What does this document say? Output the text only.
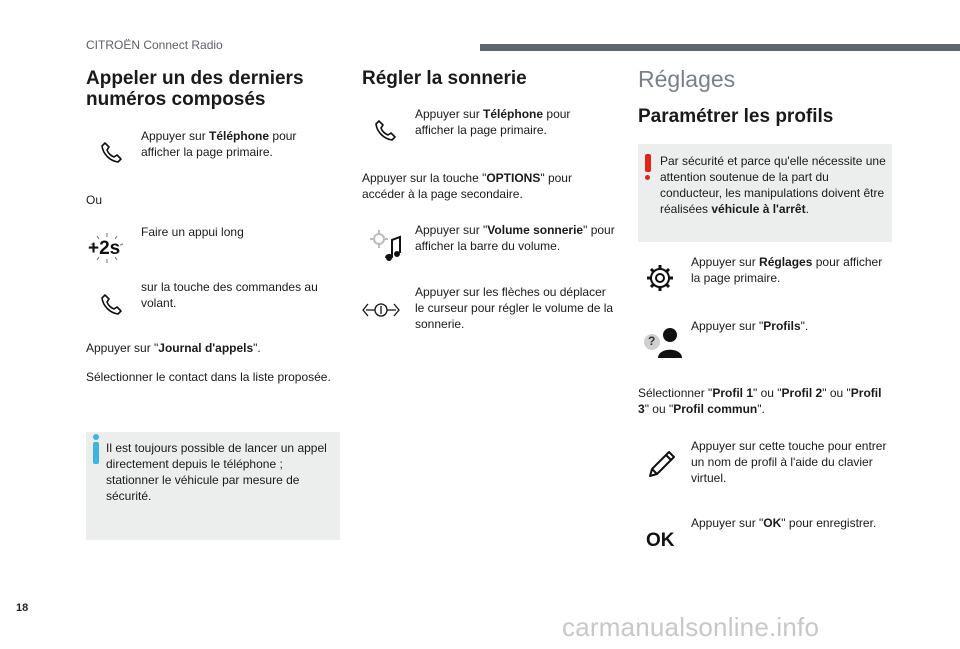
CITROËN Connect Radio
Appeler un des derniers
numéros composés
Appuyer sur Téléphone pour afficher la page primaire.
Ou
+2s
Faire un appui long
sur la touche des commandes au volant.
Appuyer sur "Journal d'appels".
Sélectionner le contact dans la liste proposée.
Il est toujours possible de lancer un appel directement depuis le téléphone ; stationner le véhicule par mesure de sécurité.
Régler la sonnerie
Appuyer sur Téléphone pour afficher la page primaire.
Appuyer sur la touche "OPTIONS" pour accéder à la page secondaire.
Appuyer sur "Volume sonnerie" pour afficher la barre du volume.
Appuyer sur les flèches ou déplacer le curseur pour régler le volume de la sonnerie.
Réglages
Paramétrer les profils
Par sécurité et parce qu'elle nécessite une attention soutenue de la part du conducteur, les manipulations doivent être réalisées véhicule à l'arrêt.
Appuyer sur Réglages pour afficher la page primaire.
?
Appuyer sur "Profils".
Sélectionner "Profil 1" ou "Profil 2" ou "Profil 3" ou "Profil commun".
Appuyer sur cette touche pour entrer un nom de profil à l'aide du clavier virtuel.
OK
Appuyer sur "OK" pour enregistrer.
18
carmanualsonline.info
